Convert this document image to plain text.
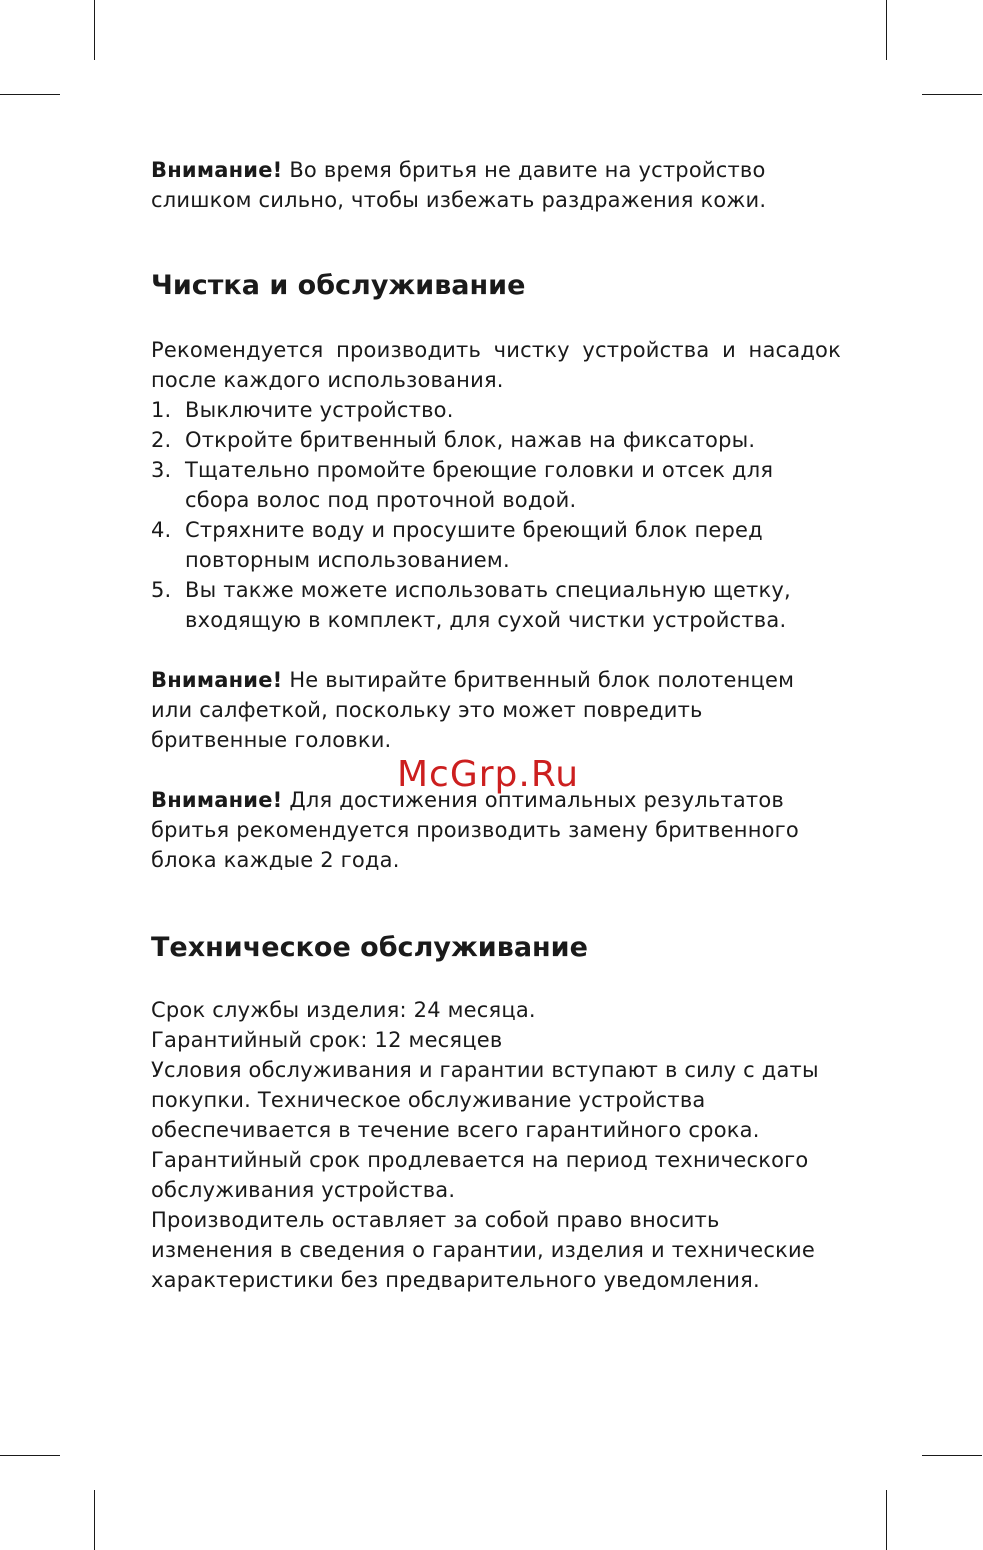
Внимание! Во время бритья не давите на устройство слишком сильно, чтобы избежать раздражения кожи.

Чистка и обслуживание

Рекомендуется производить чистку устройства и насадок после каждого использования.

1. Выключите устройство.
2. Откройте бритвенный блок, нажав на фиксаторы.
3. Тщательно промойте бреющие головки и отсек для сбора волос под проточной водой.
4. Стряхните воду и просушите бреющий блок перед повторным использованием.
5. Вы также можете использовать специальную щетку, входящую в комплект, для сухой чистки устройства.

Внимание! Не вытирайте бритвенный блок полотенцем или салфеткой, поскольку это может повредить бритвенные головки.

Внимание! Для достижения оптимальных результатов бритья рекомендуется производить замену бритвенного блока каждые 2 года.

Техническое обслуживание

Срок службы изделия: 24 месяца.

Гарантийный срок: 12 месяцев

Условия обслуживания и гарантии вступают в силу с даты покупки. Техническое обслуживание устройства обеспечивается в течение всего гарантийного срока.

Гарантийный срок продлевается на период технического обслуживания устройства.

Производитель оставляет за собой право вносить изменения в сведения о гарантии, изделия и технические характеристики без предварительного уведомления.

McGrp.Ru
